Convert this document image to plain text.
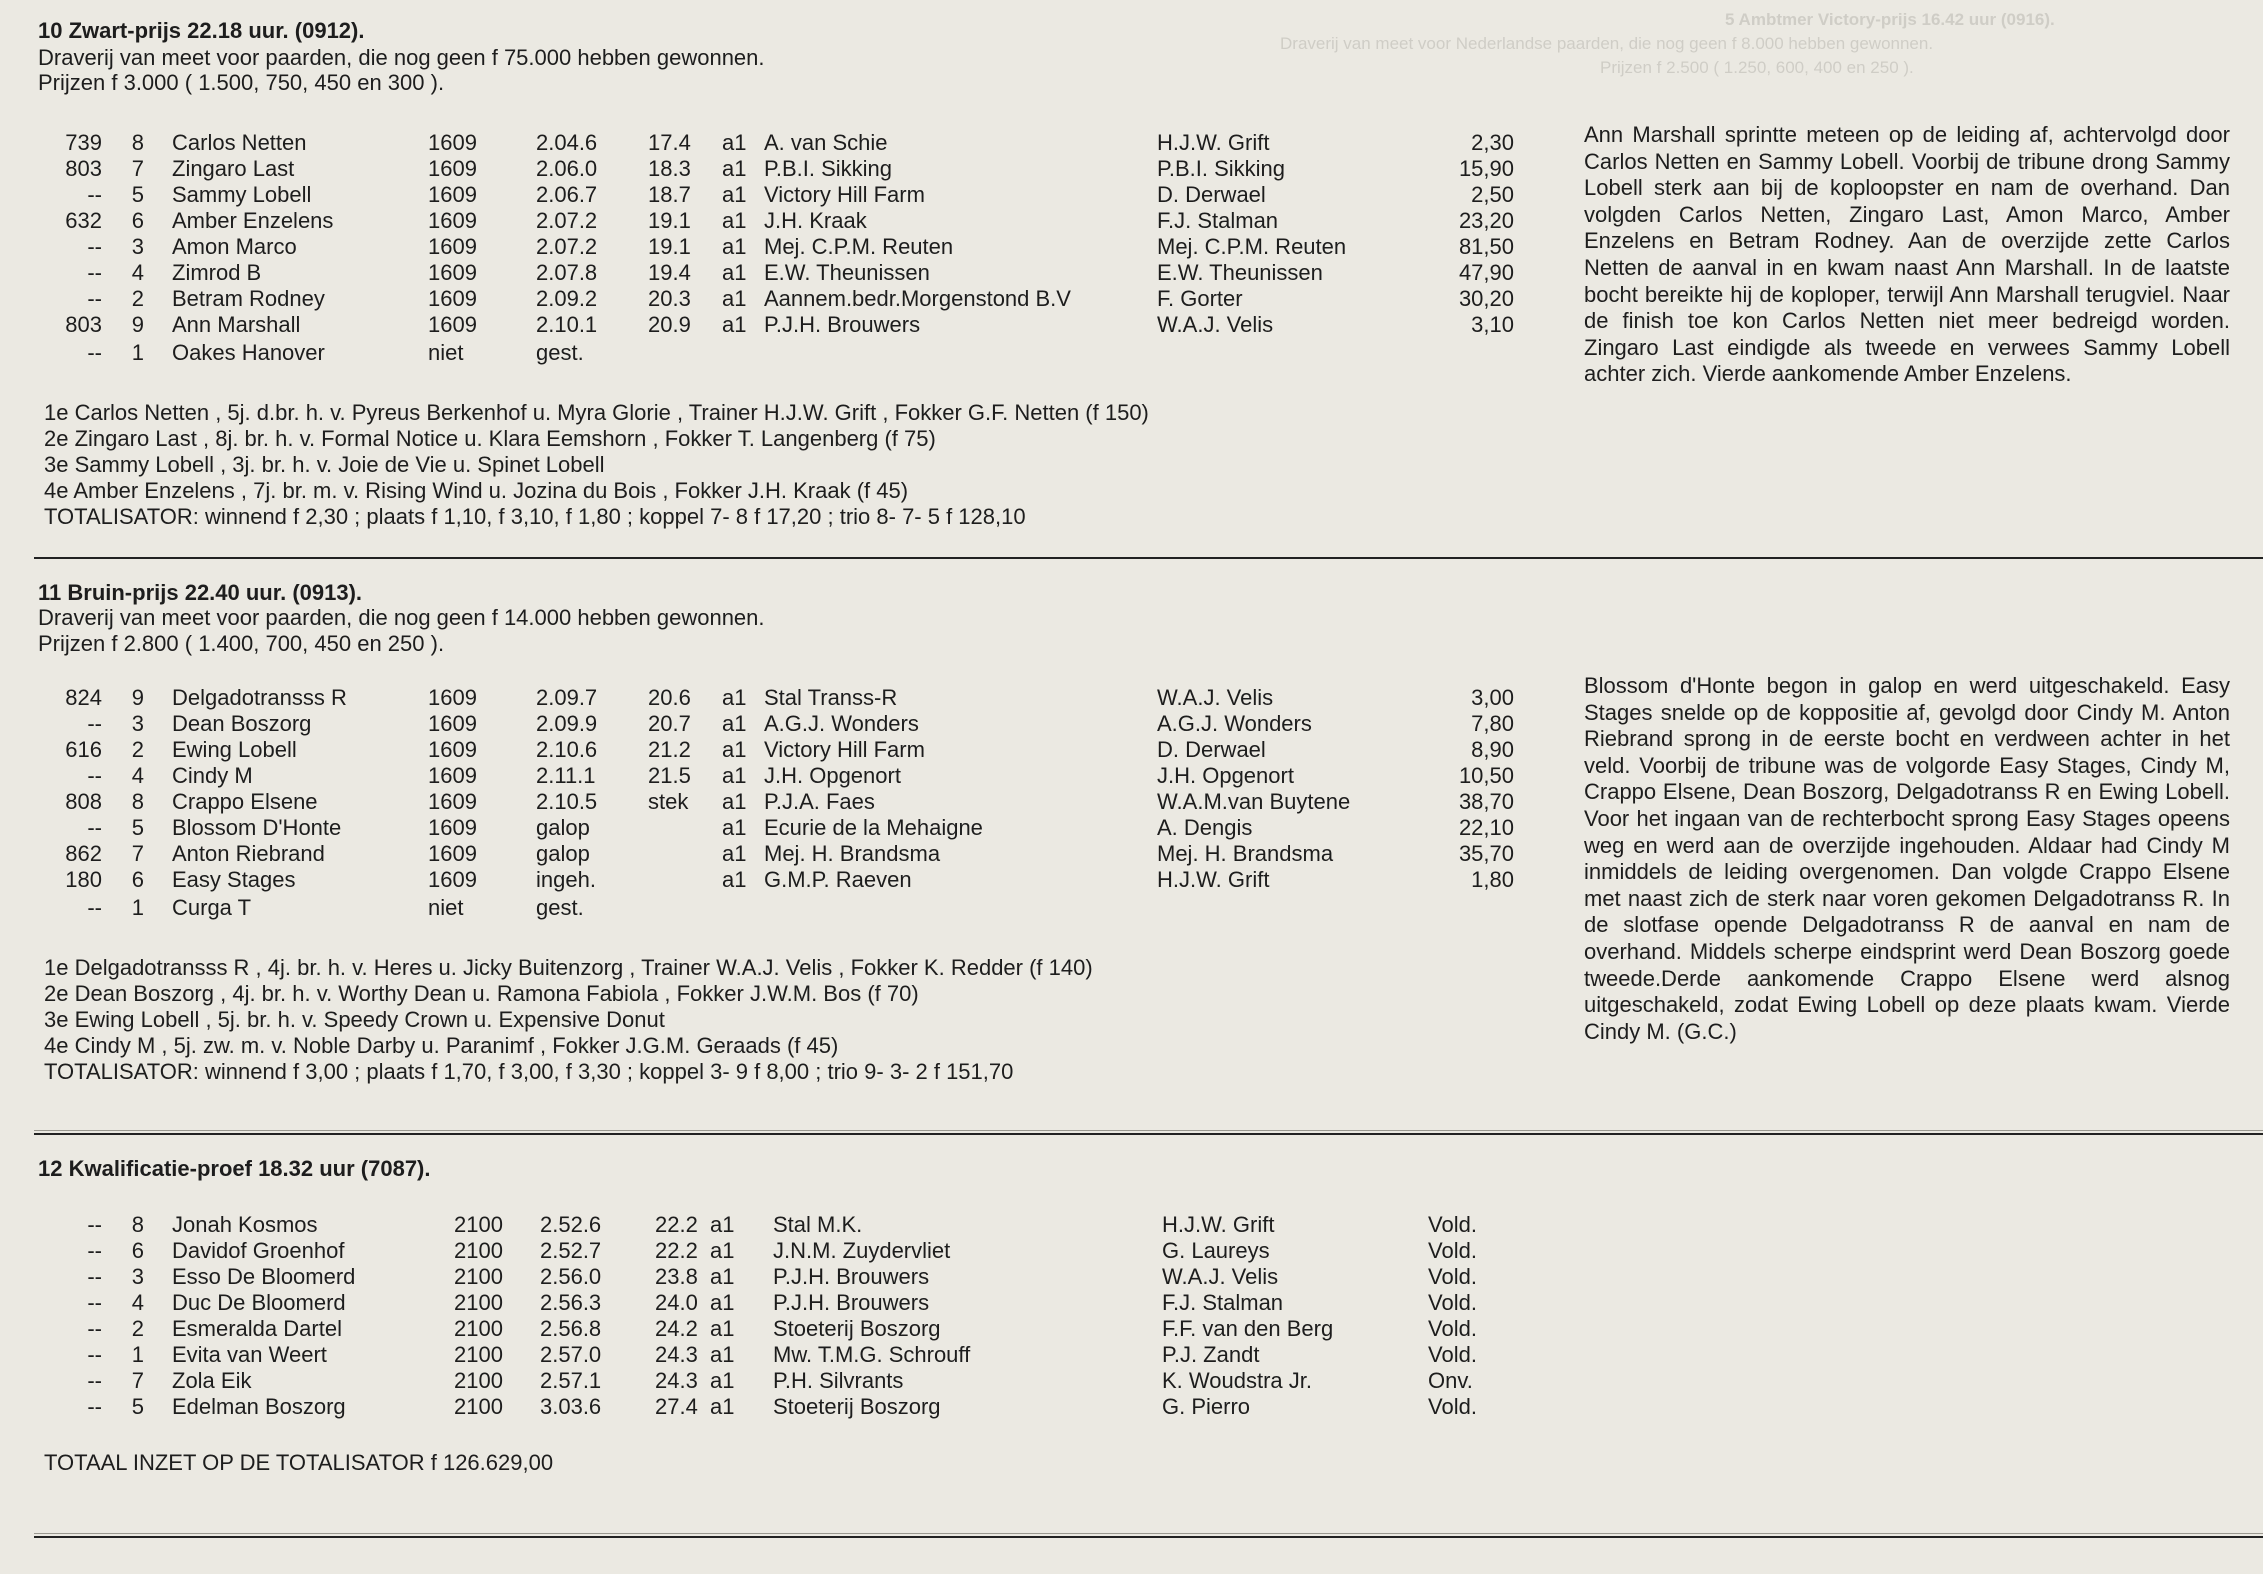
5 Ambtmer Victory-prijs 16.42 uur (0916).
Draverij van meet voor Nederlandse paarden, die nog geen f 8.000 hebben gewonnen.
Prijzen f 2.500 ( 1.250, 600, 400 en 250 ).
10 Zwart-prijs 22.18 uur. (0912).
Draverij van meet voor paarden, die nog geen f 75.000 hebben gewonnen.
Prijzen f 3.000 ( 1.500, 750, 450 en 300 ).
739	8 Carlos Netten	1609	2.04.6 17.4 a1 A. van Schie	H.J.W. Grift	2,30
803	7 Zingaro Last	1609	2.06.0 18.3 a1 P.B.I. Sikking	P.B.I. Sikking	15,90
--	5 Sammy Lobell	1609	2.06.7 18.7 a1 Victory Hill Farm	D. Derwael	2,50
632	6 Amber Enzelens	1609	2.07.2 19.1 a1 J.H. Kraak	F.J. Stalman	23,20
--	3 Amon Marco	1609	2.07.2 19.1 a1 Mej. C.P.M. Reuten	Mej. C.P.M. Reuten	81,50
--	4 Zimrod B	1609	2.07.8 19.4 a1 E.W. Theunissen	E.W. Theunissen	47,90
--	2 Betram Rodney	1609	2.09.2 20.3 a1 Aannem.bedr.Morgenstond B.V	F. Gorter	30,20
803	9 Ann Marshall	1609	2.10.1 20.9 a1 P.J.H. Brouwers	W.A.J. Velis	3,10
--	1 Oakes Hanover	niet	gest.
1e Carlos Netten , 5j. d.br. h. v. Pyreus Berkenhof u. Myra Glorie , Trainer H.J.W. Grift , Fokker G.F. Netten (f 150)
2e Zingaro Last , 8j. br. h. v. Formal Notice u. Klara Eemshorn , Fokker T. Langenberg (f 75)
3e Sammy Lobell , 3j. br. h. v. Joie de Vie u. Spinet Lobell
4e Amber Enzelens , 7j. br. m. v. Rising Wind u. Jozina du Bois , Fokker J.H. Kraak (f 45)
TOTALISATOR: winnend f 2,30 ; plaats f 1,10, f 3,10, f 1,80 ; koppel 7- 8 f 17,20 ; trio 8- 7- 5 f 128,10
Ann Marshall sprintte meteen op de leiding af, achtervolgd door Carlos Netten en Sammy Lobell. Voorbij de tribune drong Sammy Lobell sterk aan bij de koploopster en nam de overhand. Dan volgden Carlos Netten, Zingaro Last, Amon Marco, Amber Enzelens en Betram Rodney. Aan de overzijde zette Carlos Netten de aanval in en kwam naast Ann Marshall. In de laatste bocht bereikte hij de koploper, terwijl Ann Marshall terugviel. Naar de finish toe kon Carlos Netten niet meer bedreigd worden. Zingaro Last eindigde als tweede en verwees Sammy Lobell achter zich. Vierde aankomende Amber Enzelens.
11 Bruin-prijs 22.40 uur. (0913).
Draverij van meet voor paarden, die nog geen f 14.000 hebben gewonnen.
Prijzen f 2.800 ( 1.400, 700, 450 en 250 ).
824	9 Delgadotransss R	1609	2.09.7 20.6 a1 Stal Transs-R	W.A.J. Velis	3,00
--	3 Dean Boszorg	1609	2.09.9 20.7 a1 A.G.J. Wonders	A.G.J. Wonders	7,80
616	2 Ewing Lobell	1609	2.10.6 21.2 a1 Victory Hill Farm	D. Derwael	8,90
--	4 Cindy M	1609	2.11.1 21.5 a1 J.H. Opgenort	J.H. Opgenort	10,50
808	8 Crappo Elsene	1609	2.10.5 stek a1 P.J.A. Faes	W.A.M.van Buytene	38,70
--	5 Blossom D'Honte	1609	galop	a1 Ecurie de la Mehaigne	A. Dengis	22,10
862	7 Anton Riebrand	1609	galop	a1 Mej. H. Brandsma	Mej. H. Brandsma	35,70
180	6 Easy Stages	1609	ingeh.	a1 G.M.P. Raeven	H.J.W. Grift	1,80
--	1 Curga T	niet	gest.
1e Delgadotransss R , 4j. br. h. v. Heres u. Jicky Buitenzorg , Trainer W.A.J. Velis , Fokker K. Redder (f 140)
2e Dean Boszorg , 4j. br. h. v. Worthy Dean u. Ramona Fabiola , Fokker J.W.M. Bos (f 70)
3e Ewing Lobell , 5j. br. h. v. Speedy Crown u. Expensive Donut
4e Cindy M , 5j. zw. m. v. Noble Darby u. Paranimf , Fokker J.G.M. Geraads (f 45)
TOTALISATOR: winnend f 3,00 ; plaats f 1,70, f 3,00, f 3,30 ; koppel 3- 9 f 8,00 ; trio 9- 3- 2 f 151,70
Blossom d'Honte begon in galop en werd uitgeschakeld. Easy Stages snelde op de koppositie af, gevolgd door Cindy M. Anton Riebrand sprong in de eerste bocht en verdween achter in het veld. Voorbij de tribune was de volgorde Easy Stages, Cindy M, Crappo Elsene, Dean Boszorg, Delgadotranss R en Ewing Lobell. Voor het ingaan van de rechterbocht sprong Easy Stages opeens weg en werd aan de overzijde ingehouden. Aldaar had Cindy M inmiddels de leiding overgenomen. Dan volgde Crappo Elsene met naast zich de sterk naar voren gekomen Delgadotranss R. In de slotfase opende Delgadotranss R de aanval en nam de overhand. Middels scherpe eindsprint werd Dean Boszorg goede tweede.Derde aankomende Crappo Elsene werd alsnog uitgeschakeld, zodat Ewing Lobell op deze plaats kwam. Vierde Cindy M. (G.C.)
12 Kwalificatie-proef 18.32 uur (7087).
--	8 Jonah Kosmos	2100 2.52.6 22.2 a1 Stal M.K.	H.J.W. Grift	Vold.
--	6 Davidof Groenhof	2100 2.52.7 22.2 a1 J.N.M. Zuydervliet	G. Laureys	Vold.
--	3 Esso De Bloomerd	2100 2.56.0 23.8 a1 P.J.H. Brouwers	W.A.J. Velis	Vold.
--	4 Duc De Bloomerd	2100 2.56.3 24.0 a1 P.J.H. Brouwers	F.J. Stalman	Vold.
--	2 Esmeralda Dartel	2100 2.56.8 24.2 a1 Stoeterij Boszorg	F.F. van den Berg	Vold.
--	1 Evita van Weert	2100 2.57.0 24.3 a1 Mw. T.M.G. Schrouff	P.J. Zandt	Vold.
--	7 Zola Eik	2100 2.57.1 24.3 a1 P.H. Silvrants	K. Woudstra Jr.	Onv.
--	5 Edelman Boszorg	2100 3.03.6 27.4 a1 Stoeterij Boszorg	G. Pierro	Vold.
TOTAAL INZET OP DE TOTALISATOR f 126.629,00
